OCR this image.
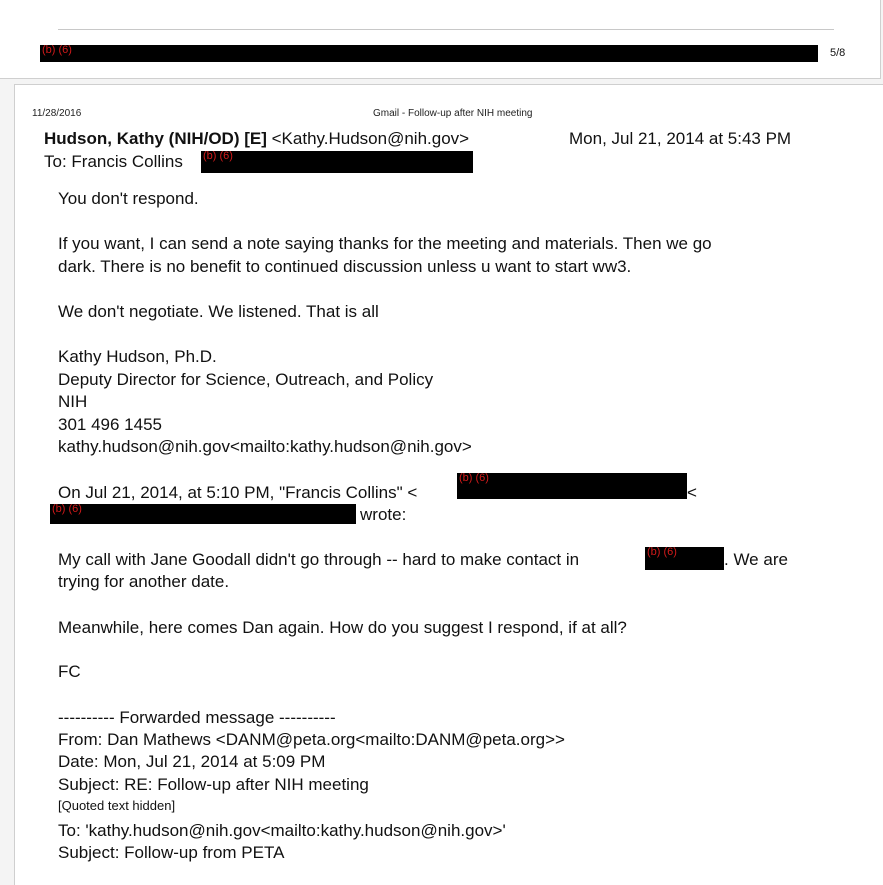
(b) (6)	5/8
11/28/2016	Gmail - Follow-up after NIH meeting
Hudson, Kathy (NIH/OD) [E] <Kathy.Hudson@nih.gov>	Mon, Jul 21, 2014 at 5:43 PM
To: Francis Collins (b) (6)
You don't respond.
If you want, I can send a note saying thanks for the meeting and materials. Then we go
dark. There is no benefit to continued discussion unless u want to start ww3.
We don't negotiate. We listened. That is all
Kathy Hudson, Ph.D.
Deputy Director for Science, Outreach, and Policy
NIH
301 496 1455
kathy.hudson@nih.gov<mailto:kathy.hudson@nih.gov>
On Jul 21, 2014, at 5:10 PM, "Francis Collins" <
(b) (6)
<
(b) (6)	wrote:
My call with Jane Goodall didn't go through -- hard to make contact in	(b) (6)	. We are
trying for another date.
Meanwhile, here comes Dan again. How do you suggest I respond, if at all?
FC
---------- Forwarded message ----------
From: Dan Mathews <DANM@peta.org<mailto:DANM@peta.org>>
Date: Mon, Jul 21, 2014 at 5:09 PM
Subject: RE: Follow-up after NIH meeting
[Quoted text hidden]
To: 'kathy.hudson@nih.gov<mailto:kathy.hudson@nih.gov>'
Subject: Follow-up from PETA
